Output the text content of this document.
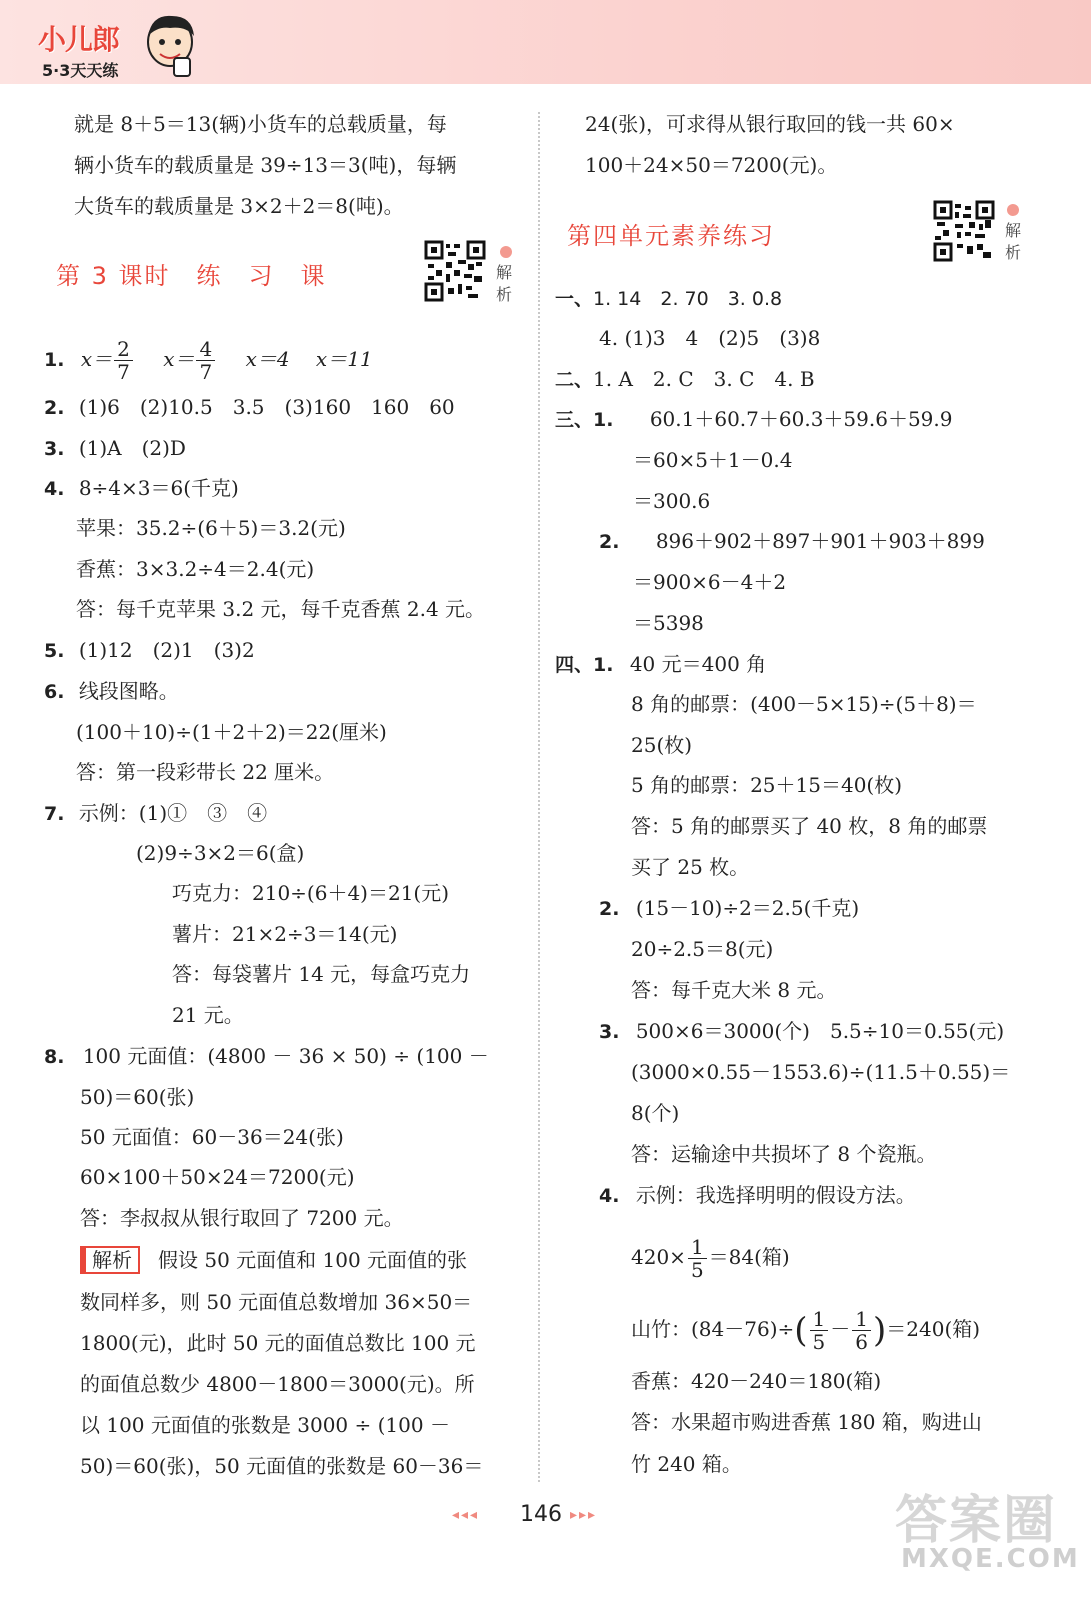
小儿郎
5·3天天练
就是 8＋5＝13(辆)小货车的总载质量，每
辆小货车的载质量是 39÷13＝3(吨)，每辆
大货车的载质量是 3×2＋2＝8(吨)。
第 3 课时　练　习　课	解
析
1. $x= \frac{2}{7} x= \frac{4}{7} x=4$　 x＝11
2. (1)6　(2)10.5　3.5　(3)160　160　60
3. (1)A　(2)D
4. 8÷4×3＝6(千克)
苹果：35.2÷(6＋5)＝3.2(元)
香蕉：3×3.2÷4＝2.4(元)
答：每千克苹果 3.2 元，每千克香蕉 2.4 元。
5. (1)12　(2)1　(3)2
6. 线段图略。
(100＋10)÷(1＋2＋2)＝22(厘米)
答：第一段彩带长 22 厘米。
7. 示例：(1)①　③　④
(2)9÷3×2＝6(盒)
巧克力：210÷(6＋4)＝21(元)
薯片：21×2÷3＝14(元)
答：每袋薯片 14 元，每盒巧克力
21 元。
8. 100 元面值：(4800 － 36 × 50) ÷ (100 －
50)＝60(张)
50 元面值：60－36＝24(张)
60×100＋50×24＝7200(元)
答：李叔叔从银行取回了 7200 元。
解析 假设 50 元面值和 100 元面值的张
数同样多，则 50 元面值总数增加 36×50＝
1800(元)，此时 50 元的面值总数比 100 元
的面值总数少 4800－1800＝3000(元)。所
以 100 元面值的张数是 3000 ÷ (100 －
50)＝60(张)，50 元面值的张数是 60－36＝
24(张)，可求得从银行取回的钱一共 60×
100＋24×50＝7200(元)。
第四单元素养练习	解
析
一、1. 14　2. 70　3. 0.8
4. (1)3　4　(2)5　(3)8
二、1. A　2. C　3. C　4. B
三、1. 60.1＋60.7＋60.3＋59.6＋59.9
＝60×5＋1－0.4
＝300.6
2. 896＋902＋897＋901＋903＋899
＝900×6－4＋2
＝5398
四、1. 40 元＝400 角
8 角的邮票：(400－5×15)÷(5＋8)＝
25(枚)
5 角的邮票：25＋15＝40(枚)
答：5 角的邮票买了 40 枚，8 角的邮票
买了 25 枚。
2. (15－10)÷2＝2.5(千克)
20÷2.5＝8(元)
答：每千克大米 8 元。
3. 500×6＝3000(个)　5.5÷10＝0.55(元)
(3000×0.55－1553.6)÷(11.5＋0.55)＝
8(个)
答：运输途中共损坏了 8 个瓷瓶。
4. 示例：我选择明明的假设方法。
$420\times \frac{1}{5} =84$(箱)
山竹：$(84-76)\div( \frac{1}{5} - \frac{1}{6} )=240$(箱)
香蕉：420－240＝180(箱)
答：水果超市购进香蕉 180 箱，购进山
竹 240 箱。
◂◂◂ 146 ▸▸▸	答案圈
MXQE.COM
